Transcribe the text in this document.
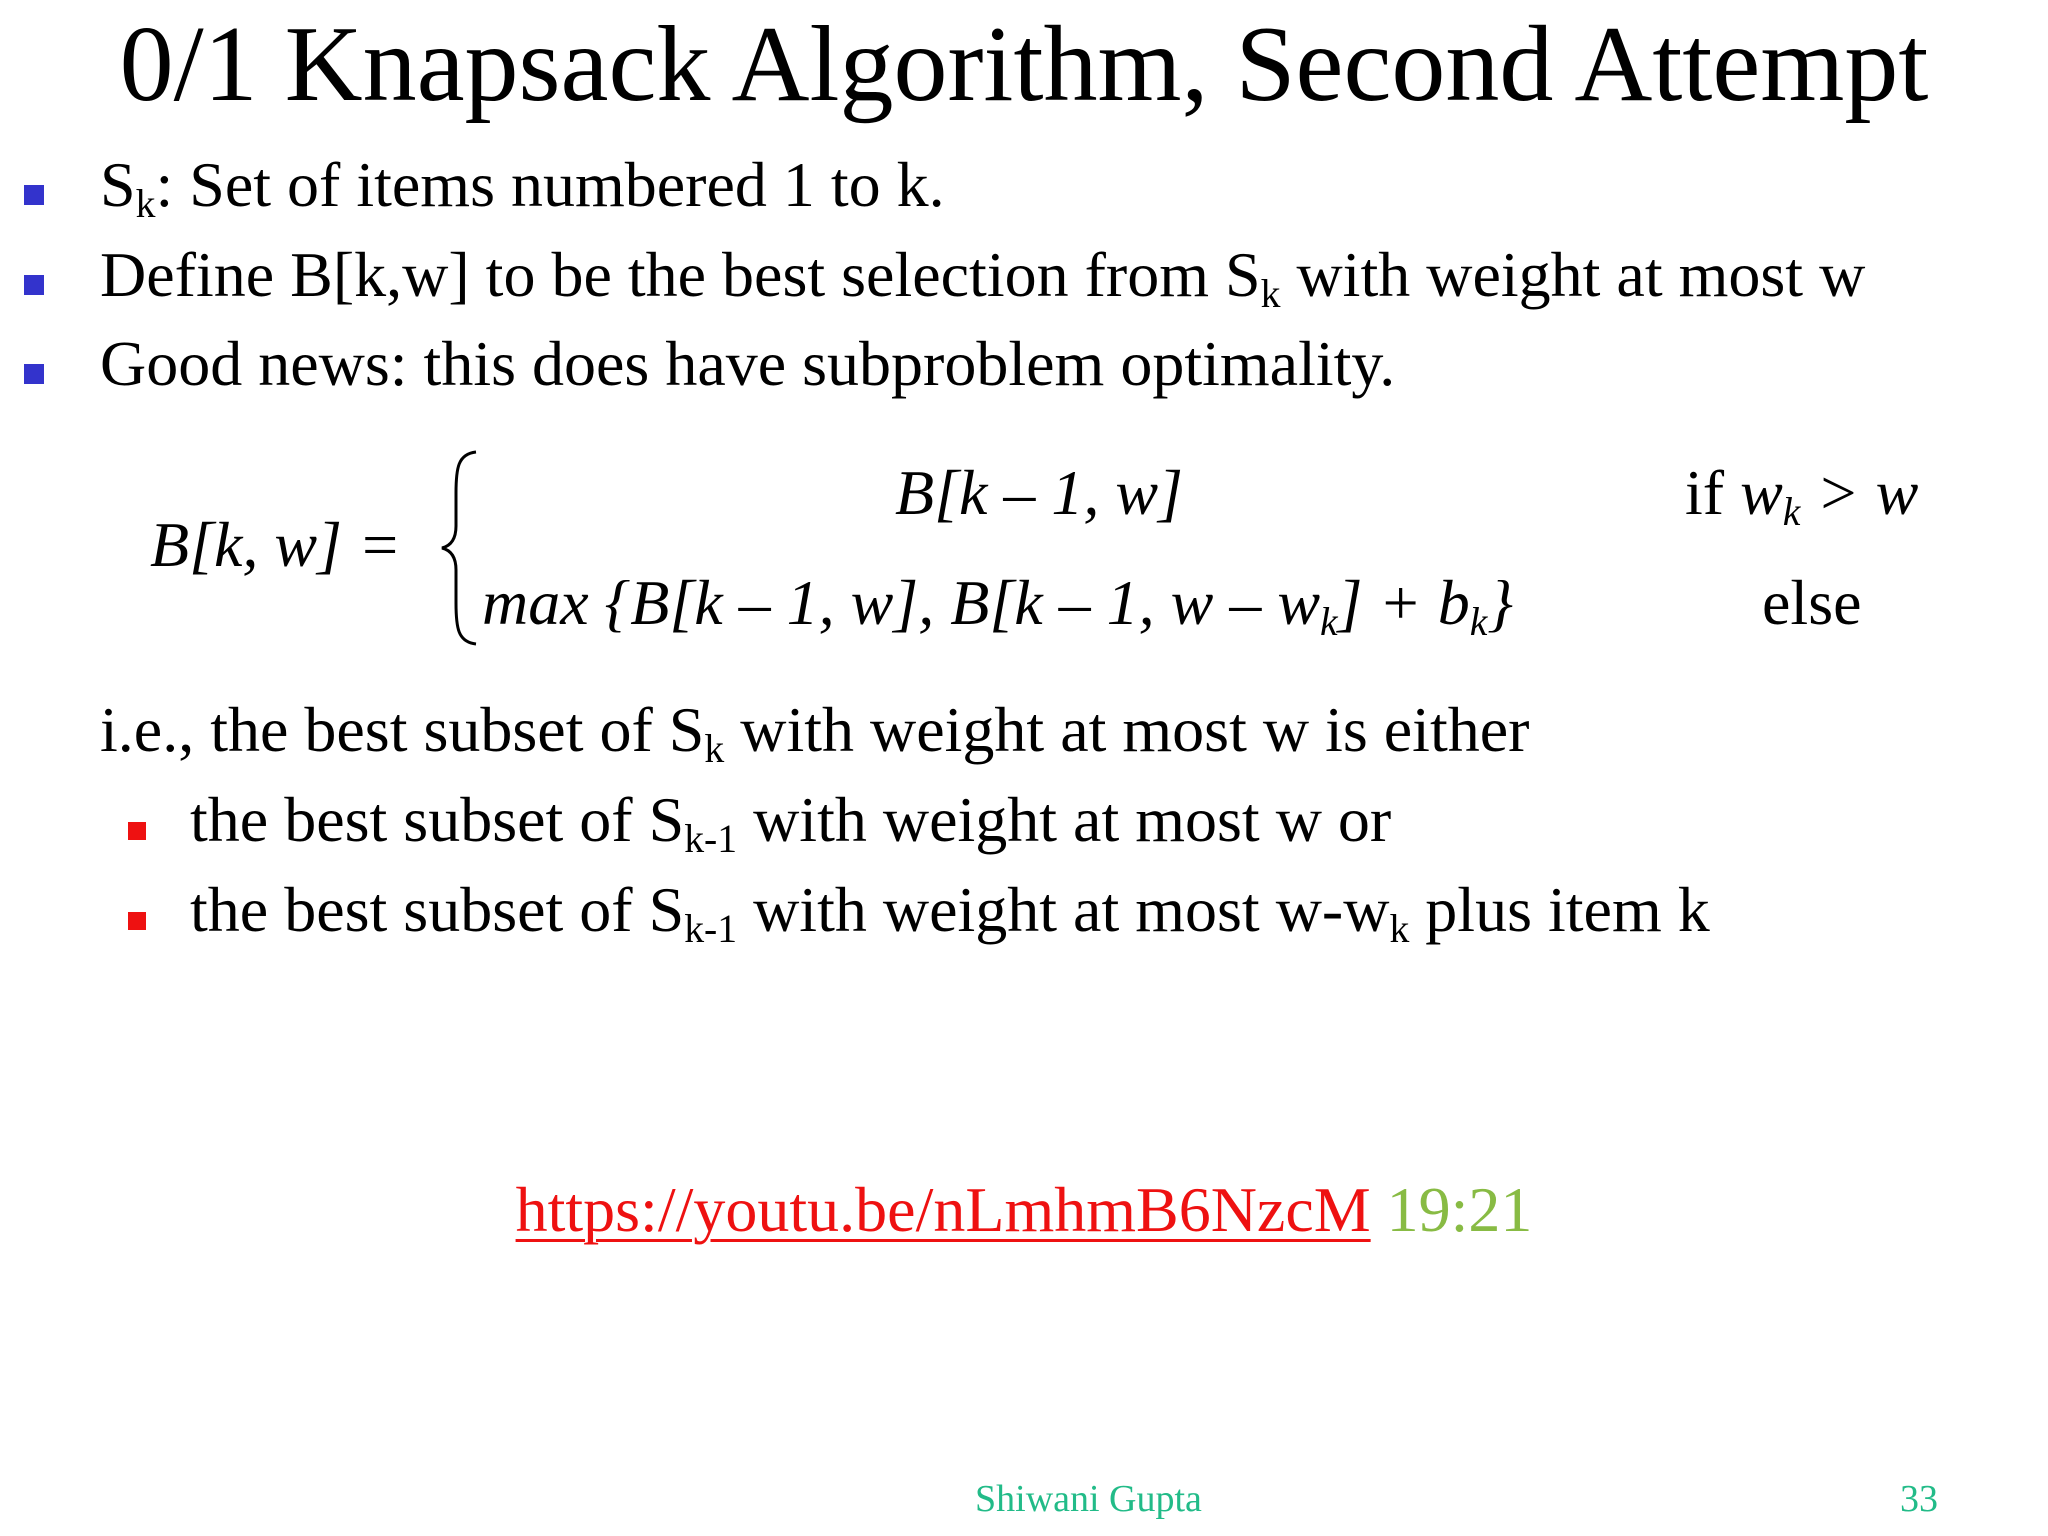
0/1 Knapsack Algorithm, Second Attempt
$S_k$: Set of items numbered 1 to k.
Define B[k,w] to be the best selection from $S_k$ with weight at most w
Good news: this does have subproblem optimality.
B[k, w] =
B[k – 1, w]	if $w_k > w$
max {B[k – 1, w], B[k – 1, $w - w_k] + b_k$}	else
i.e., the best subset of $S_k$ with weight at most w is either
the best subset of $S_{k-1}$ with weight at most w or
the best subset of $S_{k-1}$ with weight at most $w-w_k$ plus item k
https://youtu.be/nLmhmB6NzcM 19:21
Shiwani Gupta	33
